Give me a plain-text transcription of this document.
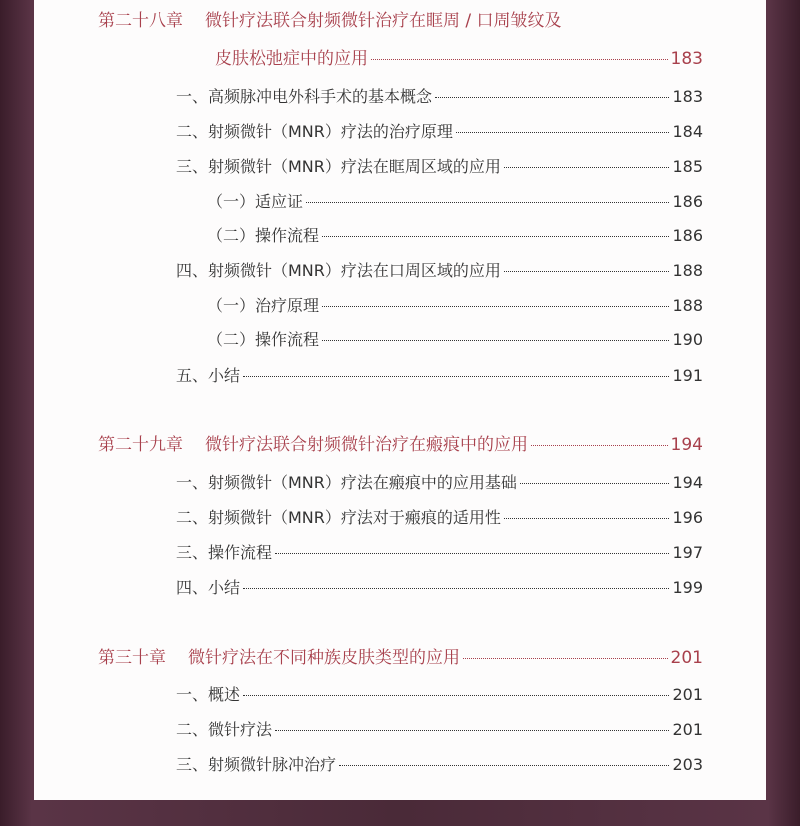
第二十八章 微针疗法联合射频微针治疗在眶周 / 口周皱纹及
皮肤松弛症中的应用	183
一、高频脉冲电外科手术的基本概念	183
二、射频微针（MNR）疗法的治疗原理	184
三、射频微针（MNR）疗法在眶周区域的应用	185
（一）适应证	186
（二）操作流程	186
四、射频微针（MNR）疗法在口周区域的应用	188
（一）治疗原理	188
（二）操作流程	190
五、小结	191
第二十九章 微针疗法联合射频微针治疗在瘢痕中的应用	194
一、射频微针（MNR）疗法在瘢痕中的应用基础	194
二、射频微针（MNR）疗法对于瘢痕的适用性	196
三、操作流程	197
四、小结	199
第三十章 微针疗法在不同种族皮肤类型的应用	201
一、概述	201
二、微针疗法	201
三、射频微针脉冲治疗	203
